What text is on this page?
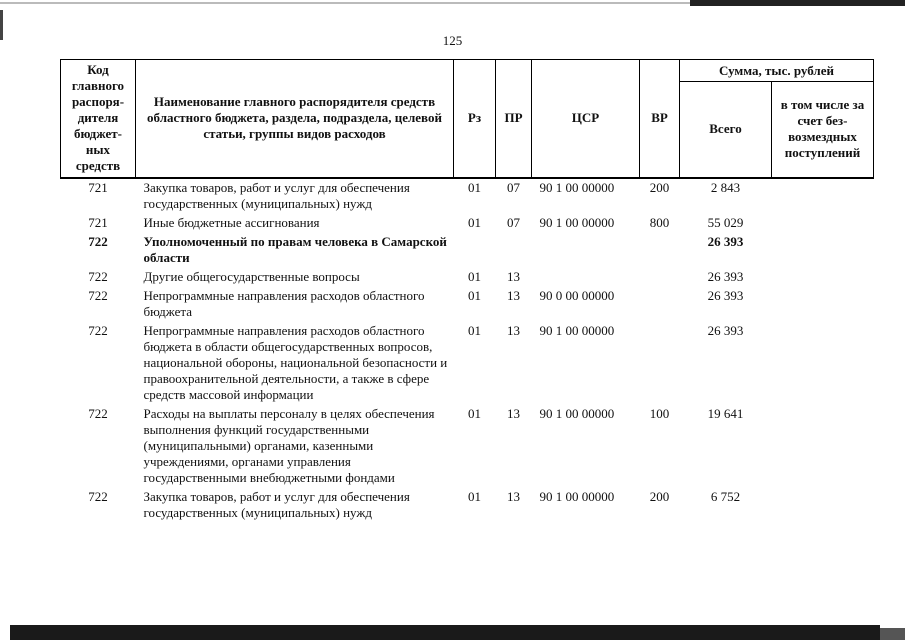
125
Код главного распоря-дителя бюджет-ных средств	Наименование главного распорядителя средств областного бюджета, раздела, подраздела, целевой статьи, группы видов расходов	Рз	ПР	ЦСР	ВР	Сумма, тыс. рублей	
						Всего	в том числе за счет без-возмездных поступлений
721	Закупка товаров, работ и услуг для обеспечения государственных (муниципальных) нужд	01	07	90 1 00 00000	200	2 843	
721	Иные бюджетные ассигнования	01	07	90 1 00 00000	800	55 029	
722	Уполномоченный по правам человека в Самарской области					26 393	
722	Другие общегосударственные вопросы	01	13			26 393	
722	Непрограммные направления расходов областного бюджета	01	13	90 0 00 00000		26 393	
722	Непрограммные направления расходов областного бюджета в области общегосударственных вопросов, национальной обороны, национальной безопасности и правоохранительной деятельности, а также в сфере средств массовой информации	01	13	90 1 00 00000		26 393	
722	Расходы на выплаты персоналу в целях обеспечения выполнения функций государственными (муниципальными) органами, казенными учреждениями, органами управления государственными внебюджетными фондами	01	13	90 1 00 00000	100	19 641	
722	Закупка товаров, работ и услуг для обеспечения государственных (муниципальных) нужд	01	13	90 1 00 00000	200	6 752	
